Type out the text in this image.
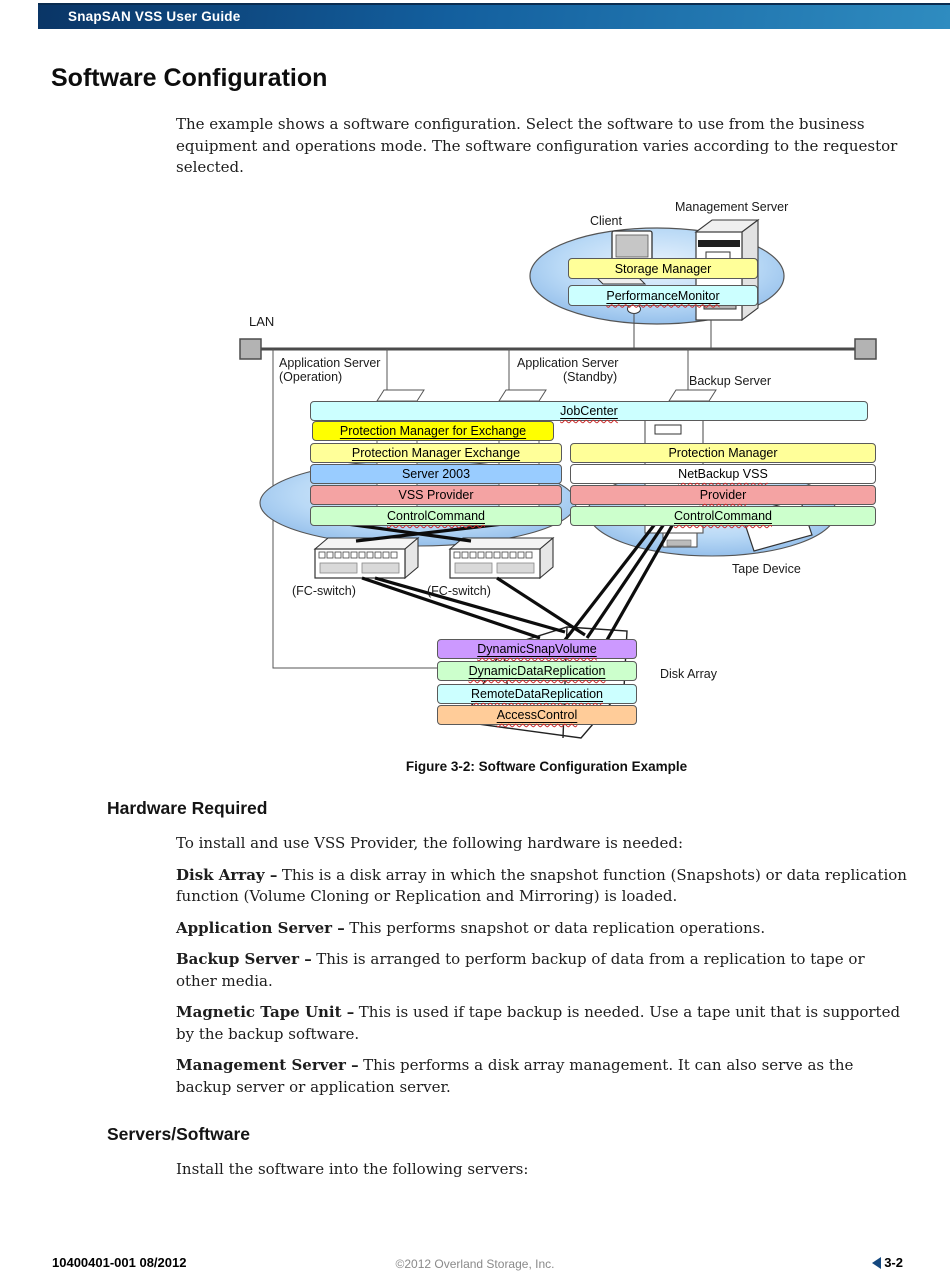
SnapSAN VSS User Guide
Software Configuration
The example shows a software configuration. Select the software to use from the business equipment and operations mode. The software configuration varies according to the requestor selected.
Management Server
Client
LAN
Application Server
(Operation)
Application Server
(Standby)	Backup Server
(FC-switch)	(FC-switch)
Tape Device
Disk Array
Storage Manager
PerformanceMonitor
JobCenter
Protection Manager for Exchange
Protection Manager Exchange
Server 2003
VSS Provider
ControlCommand
Protection Manager
NetBackup VSS
Provider
ControlCommand
DynamicSnapVolume
DynamicDataReplication
RemoteDataReplication
AccessControl
Figure 3-2: Software Configuration Example
Hardware Required

To install and use VSS Provider, the following hardware is needed:

Disk Array – This is a disk array in which the snapshot function (Snapshots) or data replication function (Volume Cloning or Replication and Mirroring) is loaded.

Application Server – This performs snapshot or data replication operations.

Backup Server – This is arranged to perform backup of data from a replication to tape or other media.

Magnetic Tape Unit – This is used if tape backup is needed. Use a tape unit that is supported by the backup software.

Management Server – This performs a disk array management. It can also serve as the backup server or application server.

Servers/Software

Install the software into the following servers:

10400401-001 08/2012	©2012 Overland Storage, Inc.	3-2
